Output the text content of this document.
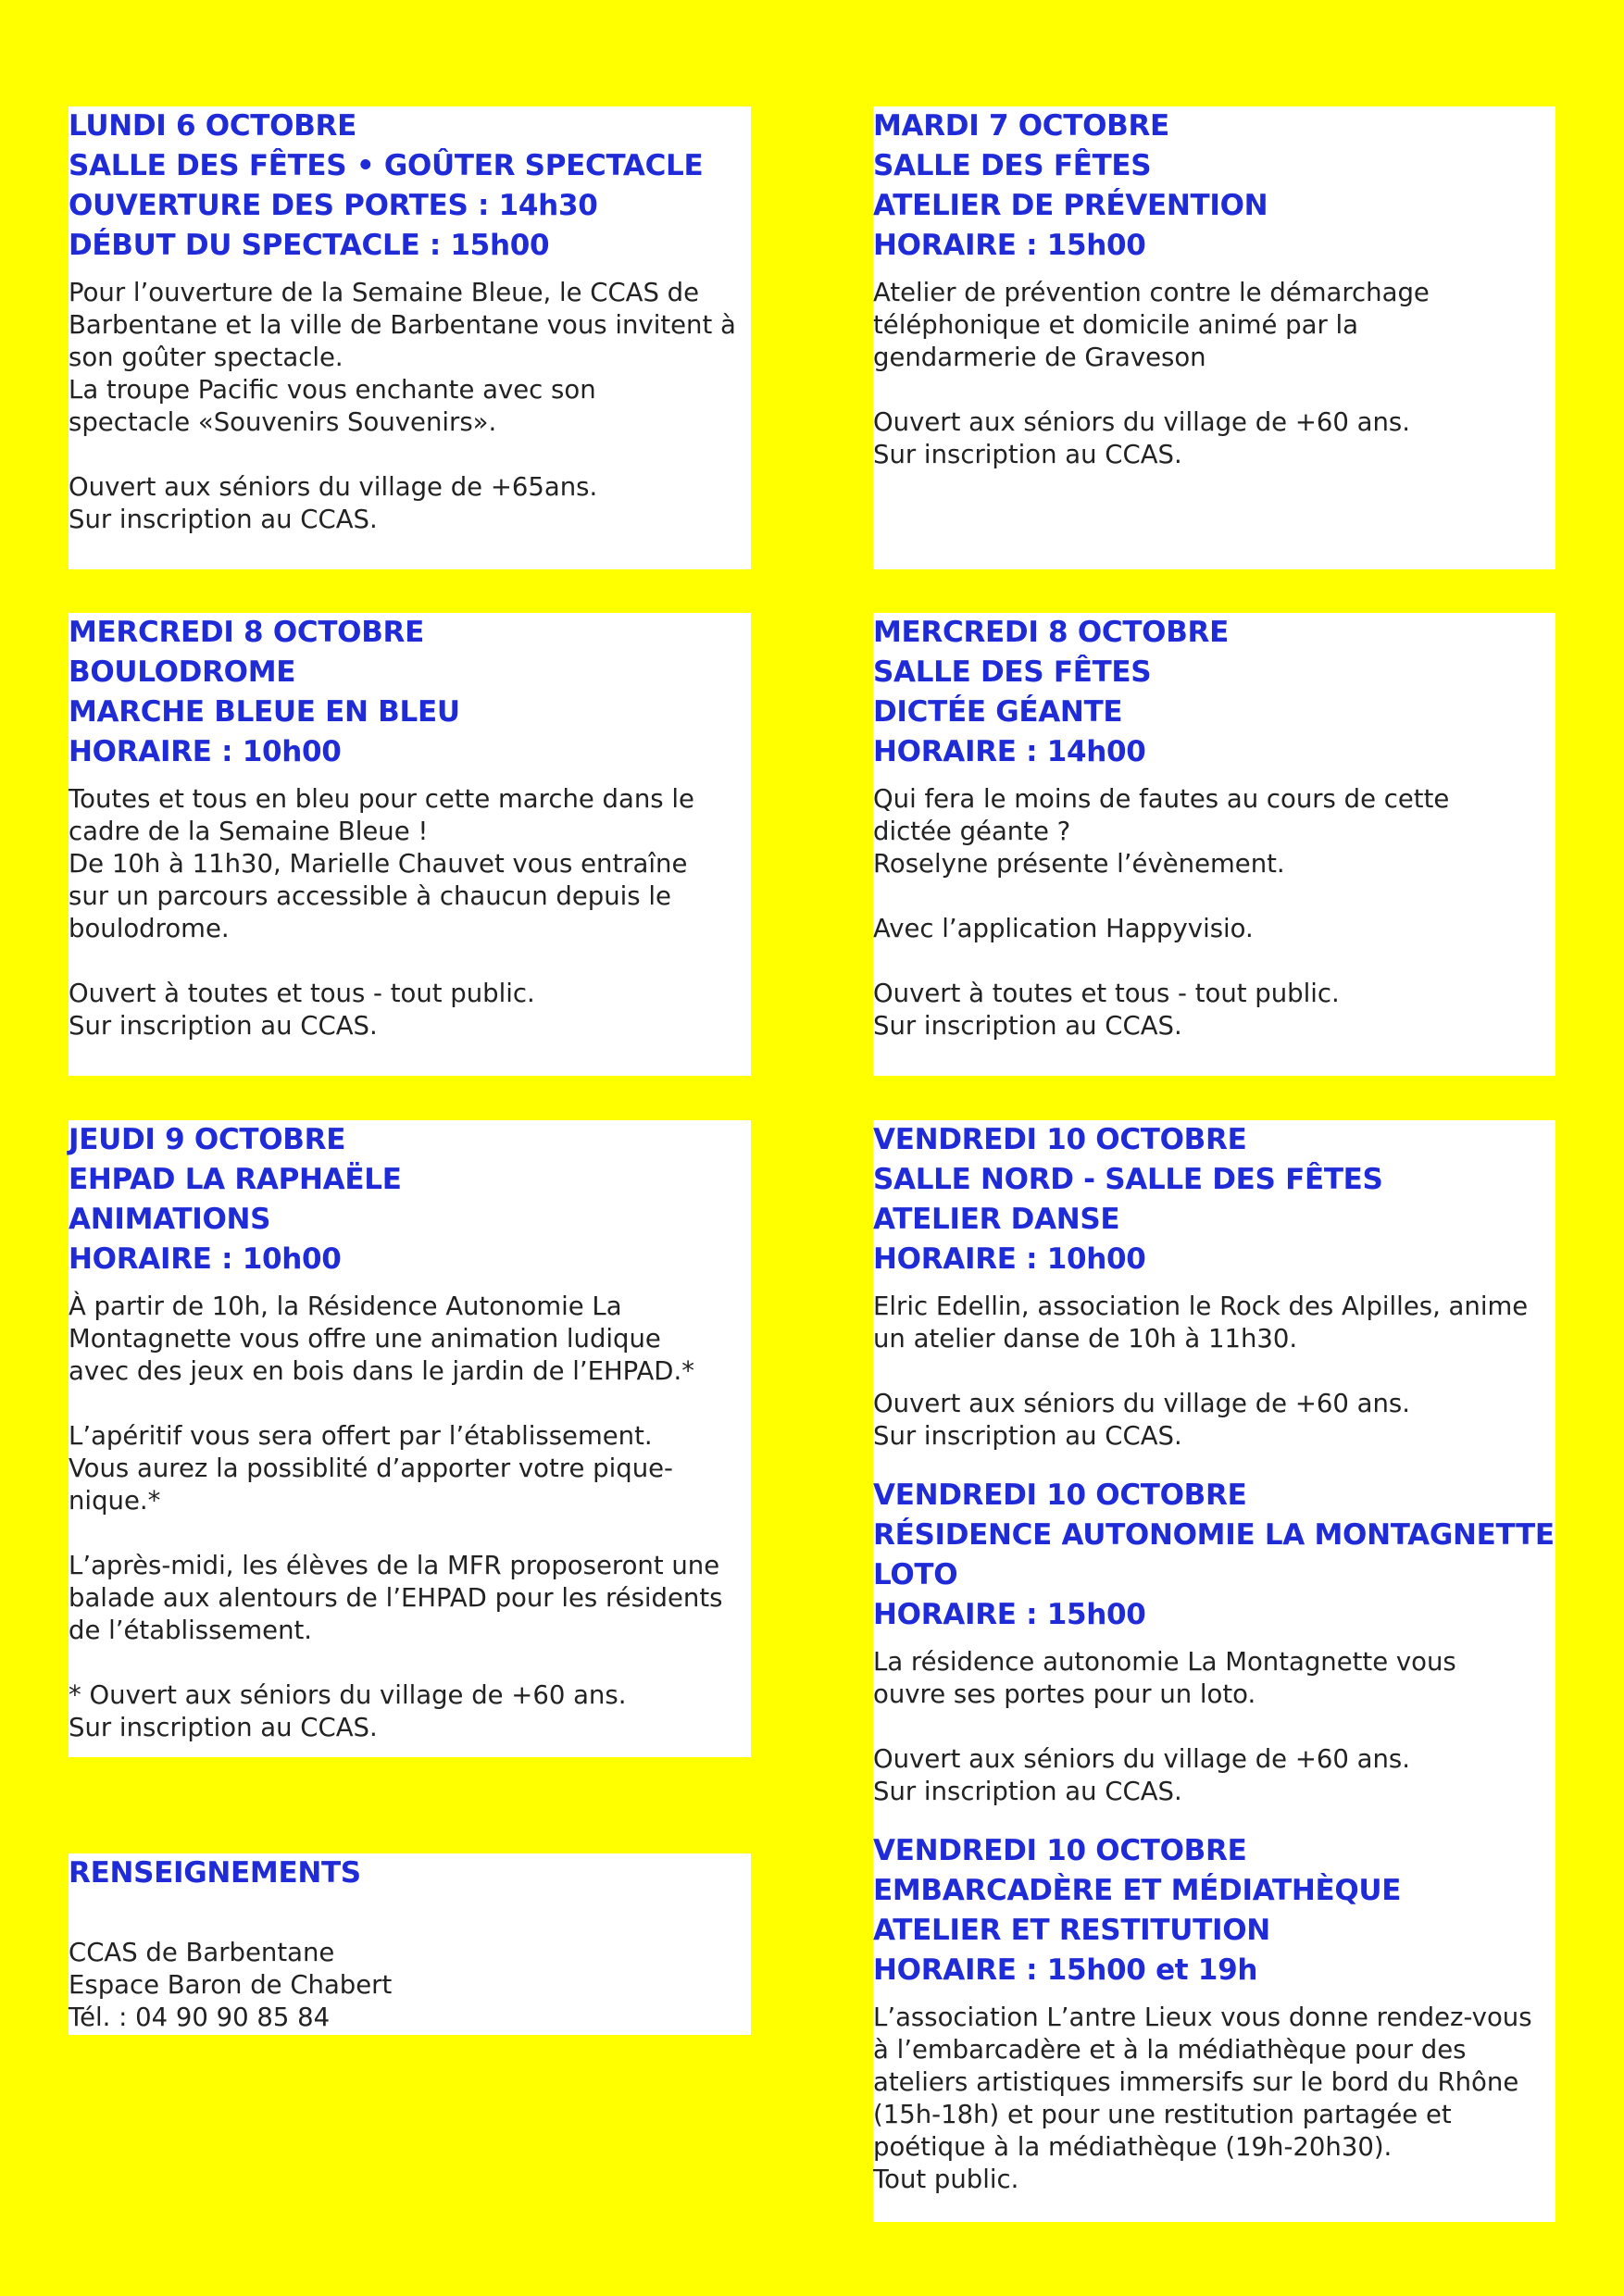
LUNDI 6 OCTOBRE
SALLE DES FÊTES • GOÛTER SPECTACLE
OUVERTURE DES PORTES : 14h30
DÉBUT DU SPECTACLE : 15h00
Pour l’ouverture de la Semaine Bleue, le CCAS de
Barbentane et la ville de Barbentane vous invitent à
son goûter spectacle.
La troupe Pacific vous enchante avec son
spectacle «Souvenirs Souvenirs».

Ouvert aux séniors du village de +65ans.
Sur inscription au CCAS.
MARDI 7 OCTOBRE
SALLE DES FÊTES
ATELIER DE PRÉVENTION
HORAIRE : 15h00
Atelier de prévention contre le démarchage
téléphonique et domicile animé par la
gendarmerie de Graveson

Ouvert aux séniors du village de +60 ans.
Sur inscription au CCAS.
MERCREDI 8 OCTOBRE
BOULODROME
MARCHE BLEUE EN BLEU
HORAIRE : 10h00
Toutes et tous en bleu pour cette marche dans le
cadre de la Semaine Bleue !
De 10h à 11h30, Marielle Chauvet vous entraîne
sur un parcours accessible à chaucun depuis le
boulodrome.

Ouvert à toutes et tous - tout public.
Sur inscription au CCAS.
MERCREDI 8 OCTOBRE
SALLE DES FÊTES
DICTÉE GÉANTE
HORAIRE : 14h00
Qui fera le moins de fautes au cours de cette
dictée géante ?
Roselyne présente l’évènement.

Avec l’application Happyvisio.

Ouvert à toutes et tous - tout public.
Sur inscription au CCAS.
JEUDI 9 OCTOBRE
EHPAD LA RAPHAËLE
ANIMATIONS
HORAIRE : 10h00
À partir de 10h, la Résidence Autonomie La
Montagnette vous offre une animation ludique
avec des jeux en bois dans le jardin de l’EHPAD.*

L’apéritif vous sera offert par l’établissement.
Vous aurez la possiblité d’apporter votre pique-
nique.*

L’après-midi, les élèves de la MFR proposeront une
balade aux alentours de l’EHPAD pour les résidents
de l’établissement.

* Ouvert aux séniors du village de +60 ans.
Sur inscription au CCAS.
VENDREDI 10 OCTOBRE
SALLE NORD - SALLE DES FÊTES
ATELIER DANSE
HORAIRE : 10h00
Elric Edellin, association le Rock des Alpilles, anime
un atelier danse de 10h à 11h30.

Ouvert aux séniors du village de +60 ans.
Sur inscription au CCAS.
VENDREDI 10 OCTOBRE
RÉSIDENCE AUTONOMIE LA MONTAGNETTE
LOTO
HORAIRE : 15h00
La résidence autonomie La Montagnette vous
ouvre ses portes pour un loto.

Ouvert aux séniors du village de +60 ans.
Sur inscription au CCAS.
VENDREDI 10 OCTOBRE
EMBARCADÈRE ET MÉDIATHÈQUE
ATELIER ET RESTITUTION
HORAIRE : 15h00 et 19h
L’association L’antre Lieux vous donne rendez-vous
à l’embarcadère et à la médiathèque pour des
ateliers artistiques immersifs sur le bord du Rhône
(15h-18h) et pour une restitution partagée et
poétique à la médiathèque (19h-20h30).
Tout public.
RENSEIGNEMENTS

CCAS de Barbentane
Espace Baron de Chabert
Tél. : 04 90 90 85 84
